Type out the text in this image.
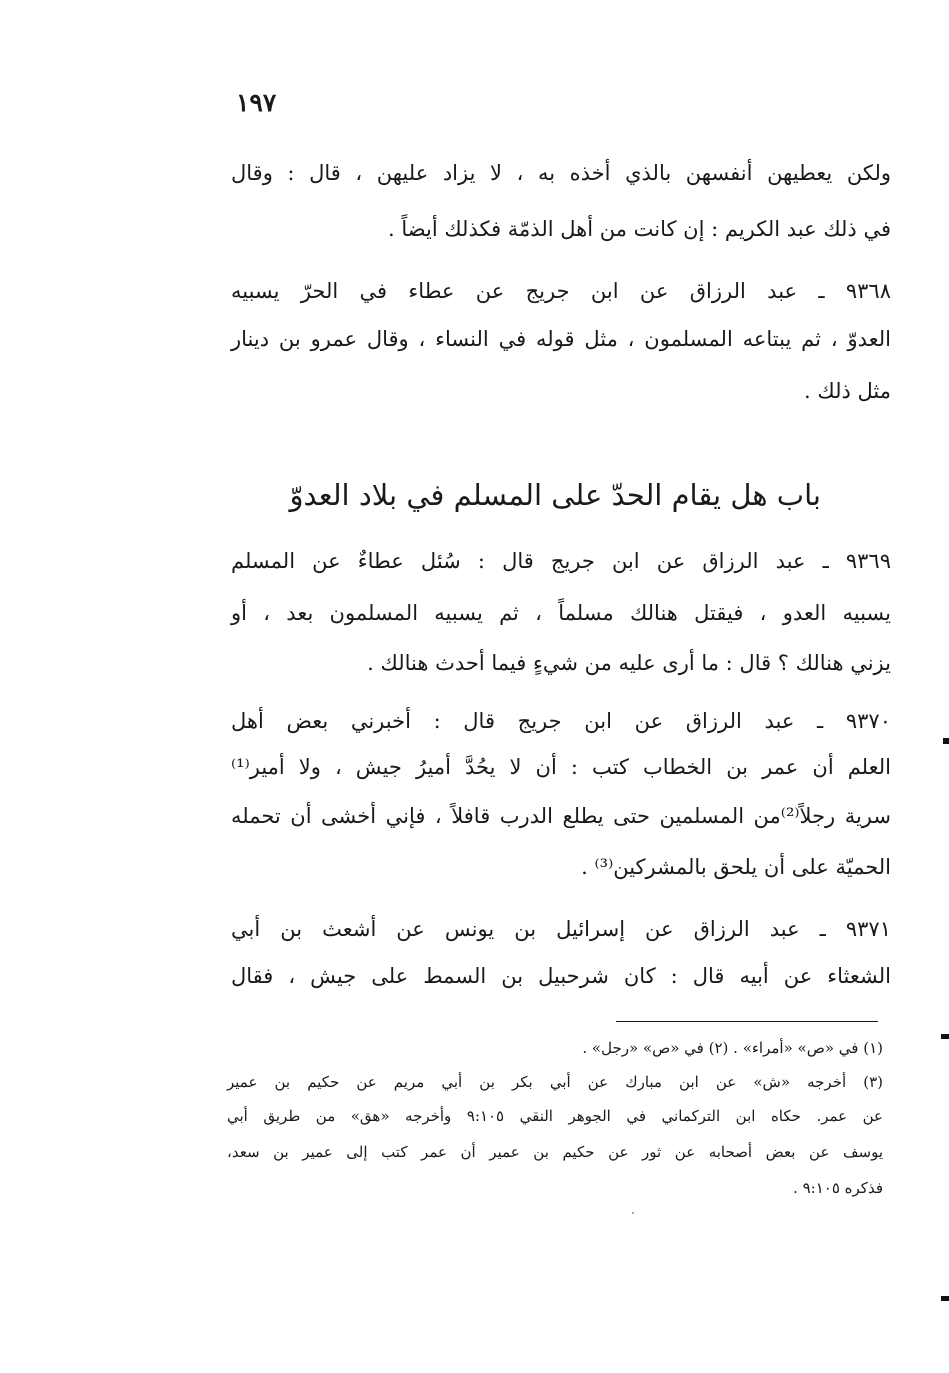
١٩٧
ولكن يعطيهن أنفسهن بالذي أخذه به ، لا يزاد عليهن ، قال : وقال
في ذلك عبد الكريم : إن كانت من أهل الذمّة فكذلك أيضاً .
٩٣٦٨ ـ عبد الرزاق عن ابن جريج عن عطاء في الحرّ يسبيه
العدوّ ، ثم يبتاعه المسلمون ، مثل قوله في النساء ، وقال عمرو بن دينار
مثل ذلك .
باب هل يقام الحدّ على المسلم في بلاد العدوّ
٩٣٦٩ ـ عبد الرزاق عن ابن جريج قال : سُئل عطاءٌ عن المسلم
يسبيه العدو ، فيقتل هنالك مسلماً ، ثم يسبيه المسلمون بعد ، أو
يزني هنالك ؟ قال : ما أرى عليه من شيءٍ فيما أحدث هنالك .
٩٣٧٠ ـ عبد الرزاق عن ابن جريج قال : أخبرني بعض أهل
العلم أن عمر بن الخطاب كتب : أن لا يحُدَّ أميرُ جيش ، ولا أمير⁽¹⁾
سرية رجلاً⁽²⁾من المسلمين حتى يطلع الدرب قافلاً ، فإني أخشى أن تحمله
الحميّة على أن يلحق بالمشركين⁽³⁾ .
٩٣٧١ ـ عبد الرزاق عن إسرائيل بن يونس عن أشعث بن أبي
الشعثاء عن أبيه قال : كان شرحبيل بن السمط على جيش ، فقال
(١) في «ص» «أمراء» . (٢) في «ص» «رجل» .
(٣) أخرجه «ش» عن ابن مبارك عن أبي بكر بن أبي مريم عن حكيم بن عمير
عن عمر. حكاه ابن التركماني في الجوهر النقي ٩:١٠٥ وأخرجه «هق» من طريق أبي
يوسف عن بعض أصحابه عن ثور عن حكيم بن عمير أن عمر كتب إلى عمير بن سعد،
فذكره ٩:١٠٥ .
